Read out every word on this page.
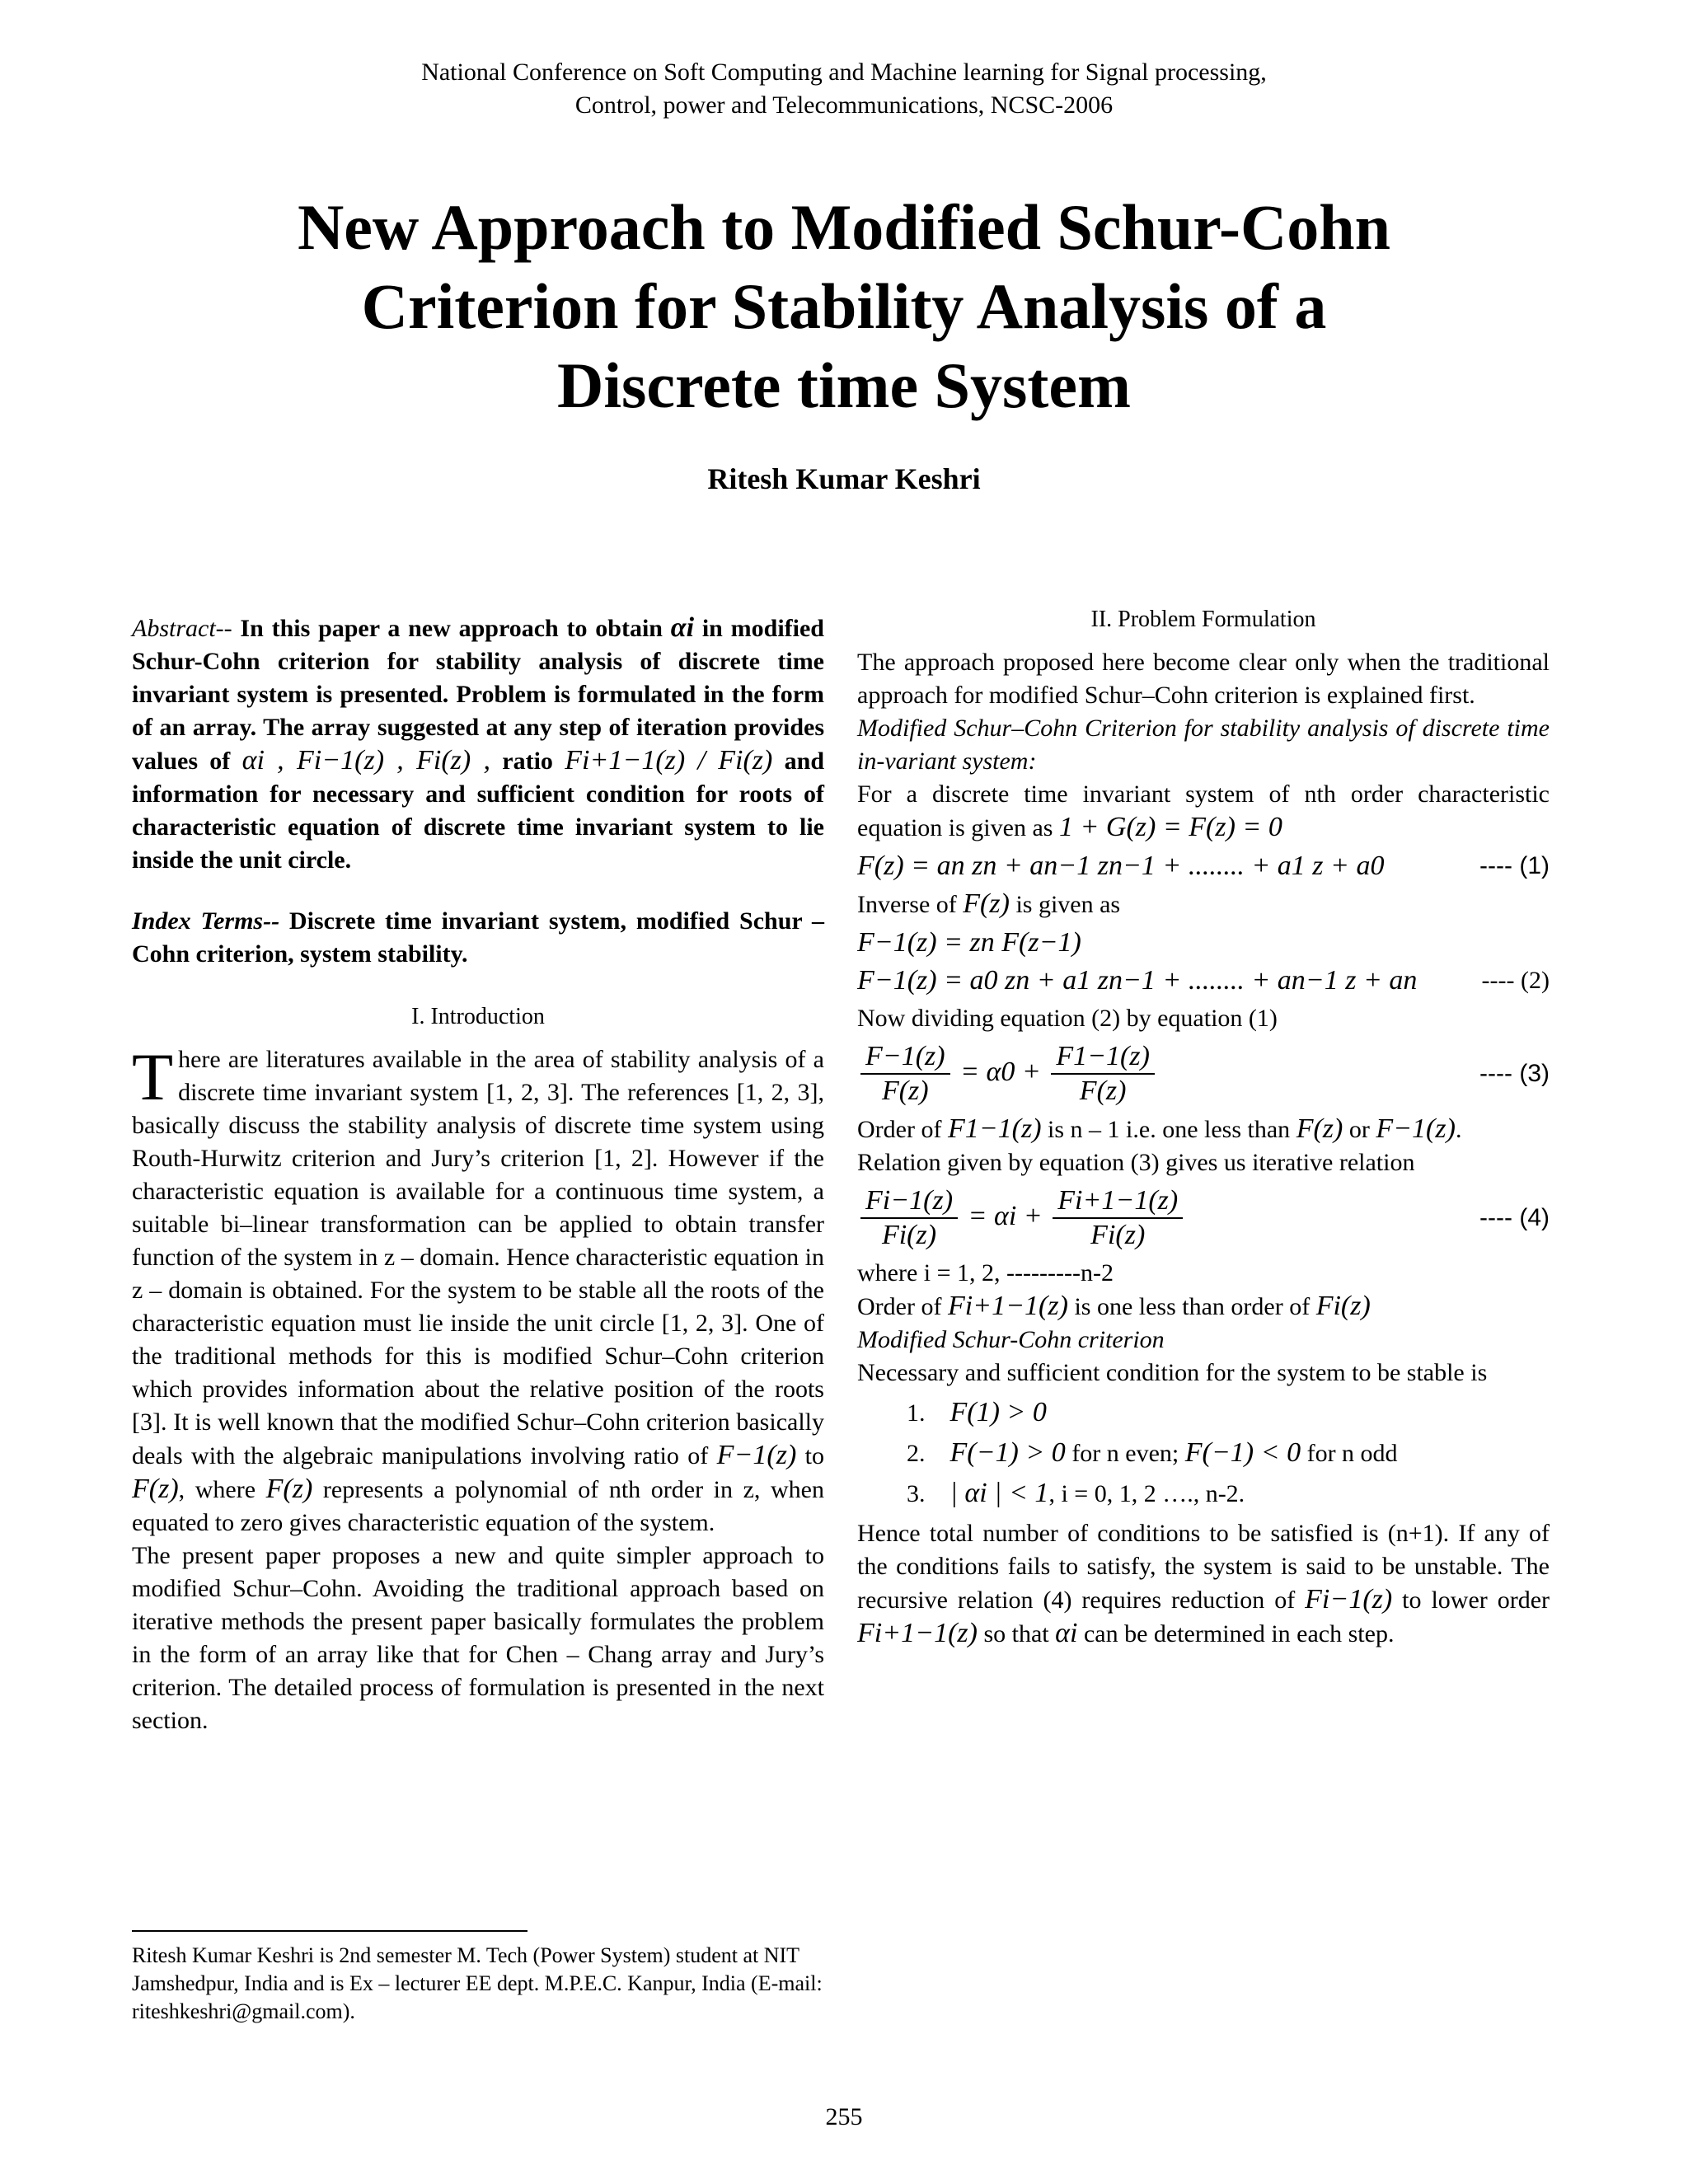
National Conference on Soft Computing and Machine learning for Signal processing,
Control, power and Telecommunications, NCSC-2006
New Approach to Modified Schur-Cohn
Criterion for Stability Analysis of a
Discrete time System
Ritesh Kumar Keshri

Abstract-- In this paper a new approach to obtain αi in modified Schur-Cohn criterion for stability analysis of discrete time invariant system is presented. Problem is formulated in the form of an array. The array suggested at any step of iteration provides values of αi , Fi−1(z) , Fi(z) , ratio Fi+1−1(z) / Fi(z) and information for necessary and sufficient condition for roots of characteristic equation of discrete time invariant system to lie inside the unit circle.

Index Terms-- Discrete time invariant system, modified Schur – Cohn criterion, system stability.

I. Introduction

There are literatures available in the area of stability analysis of a discrete time invariant system [1, 2, 3]. The references [1, 2, 3], basically discuss the stability analysis of discrete time system using Routh-Hurwitz criterion and Jury’s criterion [1, 2]. However if the characteristic equation is available for a continuous time system, a suitable bi–linear transformation can be applied to obtain transfer function of the system in z – domain. Hence characteristic equation in z – domain is obtained. For the system to be stable all the roots of the characteristic equation must lie inside the unit circle [1, 2, 3]. One of the traditional methods for this is modified Schur–Cohn criterion which provides information about the relative position of the roots [3]. It is well known that the modified Schur–Cohn criterion basically deals with the algebraic manipulations involving ratio of F−1(z) to F(z), where F(z) represents a polynomial of nth order in z, when equated to zero gives characteristic equation of the system.

The present paper proposes a new and quite simpler approach to modified Schur–Cohn. Avoiding the traditional approach based on iterative methods the present paper basically formulates the problem in the form of an array like that for Chen – Chang array and Jury’s criterion. The detailed process of formulation is presented in the next section.

II. Problem Formulation

The approach proposed here become clear only when the traditional approach for modified Schur–Cohn criterion is explained first.

Modified Schur–Cohn Criterion for stability analysis of discrete time in-variant system:

For a discrete time invariant system of nth order characteristic equation is given as 1 + G(z) = F(z) = 0

F(z) = an zn + an−1 zn−1 + ........ + a1 z + a0	---- (1)

Inverse of F(z) is given as

F−1(z) = zn F(z−1)
F−1(z) = a0 zn + a1 zn−1 + ........ + an−1 z + an	---- (2)

Now dividing equation (2) by equation (1)

$\frac{F-1(z)}{F(z)} = \alpha 0 + \frac{F1-1(z)}{F(z)}$	---- (3)

Order of F1−1(z) is n – 1 i.e. one less than F(z) or F−1(z).

Relation given by equation (3) gives us iterative relation

$\frac{Fi-1(z)}{Fi(z)} = \alpha i + \frac{Fi+1-1(z)}{Fi(z)}$	---- (4)

where i = 1, 2, ---------n-2

Order of Fi+1−1(z) is one less than order of Fi(z)

Modified Schur-Cohn criterion

Necessary and sufficient condition for the system to be stable is

1. F(1) > 0
2. F(−1) > 0 for n even; F(−1) < 0 for n odd
3. | αi | < 1, i = 0, 1, 2 …., n-2.

Hence total number of conditions to be satisfied is (n+1). If any of the conditions fails to satisfy, the system is said to be unstable. The recursive relation (4) requires reduction of Fi−1(z) to lower order Fi+1−1(z) so that αi can be determined in each step.

Ritesh Kumar Keshri is 2nd semester M. Tech (Power System) student at NIT Jamshedpur, India and is Ex – lecturer EE dept. M.P.E.C. Kanpur, India (E-mail: riteshkeshri@gmail.com).
255
